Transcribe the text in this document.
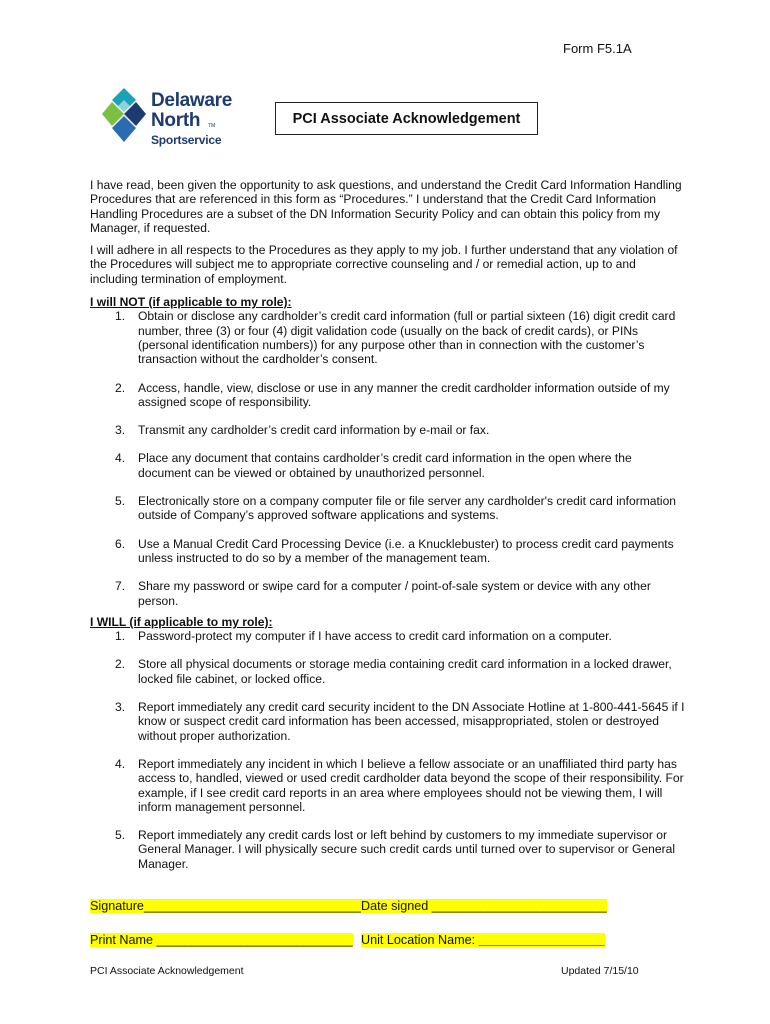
Form F5.1A
Delaware
North TM
Sportservice
PCI Associate Acknowledgement

I have read, been given the opportunity to ask questions, and understand the Credit Card Information Handling Procedures that are referenced in this form as “Procedures.” I understand that the Credit Card Information Handling Procedures are a subset of the DN Information Security Policy and can obtain this policy from my Manager, if requested.

I will adhere in all respects to the Procedures as they apply to my job. I further understand that any violation of the Procedures will subject me to appropriate corrective counseling and / or remedial action, up to and including termination of employment.

I will NOT (if applicable to my role):
1. Obtain or disclose any cardholder’s credit card information (full or partial sixteen (16) digit credit card number, three (3) or four (4) digit validation code (usually on the back of credit cards), or PINs (personal identification numbers)) for any purpose other than in connection with the customer’s transaction without the cardholder’s consent.
2. Access, handle, view, disclose or use in any manner the credit cardholder information outside of my assigned scope of responsibility.
3. Transmit any cardholder’s credit card information by e-mail or fax.
4. Place any document that contains cardholder’s credit card information in the open where the document can be viewed or obtained by unauthorized personnel.
5. Electronically store on a company computer file or file server any cardholder's credit card information outside of Company’s approved software applications and systems.
6. Use a Manual Credit Card Processing Device (i.e. a Knucklebuster) to process credit card payments unless instructed to do so by a member of the management team.
7. Share my password or swipe card for a computer / point-of-sale system or device with any other person.
I WILL (if applicable to my role):
1. Password-protect my computer if I have access to credit card information on a computer.
2. Store all physical documents or storage media containing credit card information in a locked drawer, locked file cabinet, or locked office.
3. Report immediately any credit card security incident to the DN Associate Hotline at 1-800-441-5645 if I know or suspect credit card information has been accessed, misappropriated, stolen or destroyed without proper authorization.
4. Report immediately any incident in which I believe a fellow associate or an unaffiliated third party has access to, handled, viewed or used credit cardholder data beyond the scope of their responsibility. For example, if I see credit card reports in an area where employees should not be viewing them, I will inform management personnel.
5. Report immediately any credit cards lost or left behind by customers to my immediate supervisor or General Manager. I will physically secure such credit cards until turned over to supervisor or General Manager.
Signature_______________________________ Date signed _________________________
Print Name ____________________________ Unit Location Name: __________________
PCI Associate Acknowledgement	Updated 7/15/10
